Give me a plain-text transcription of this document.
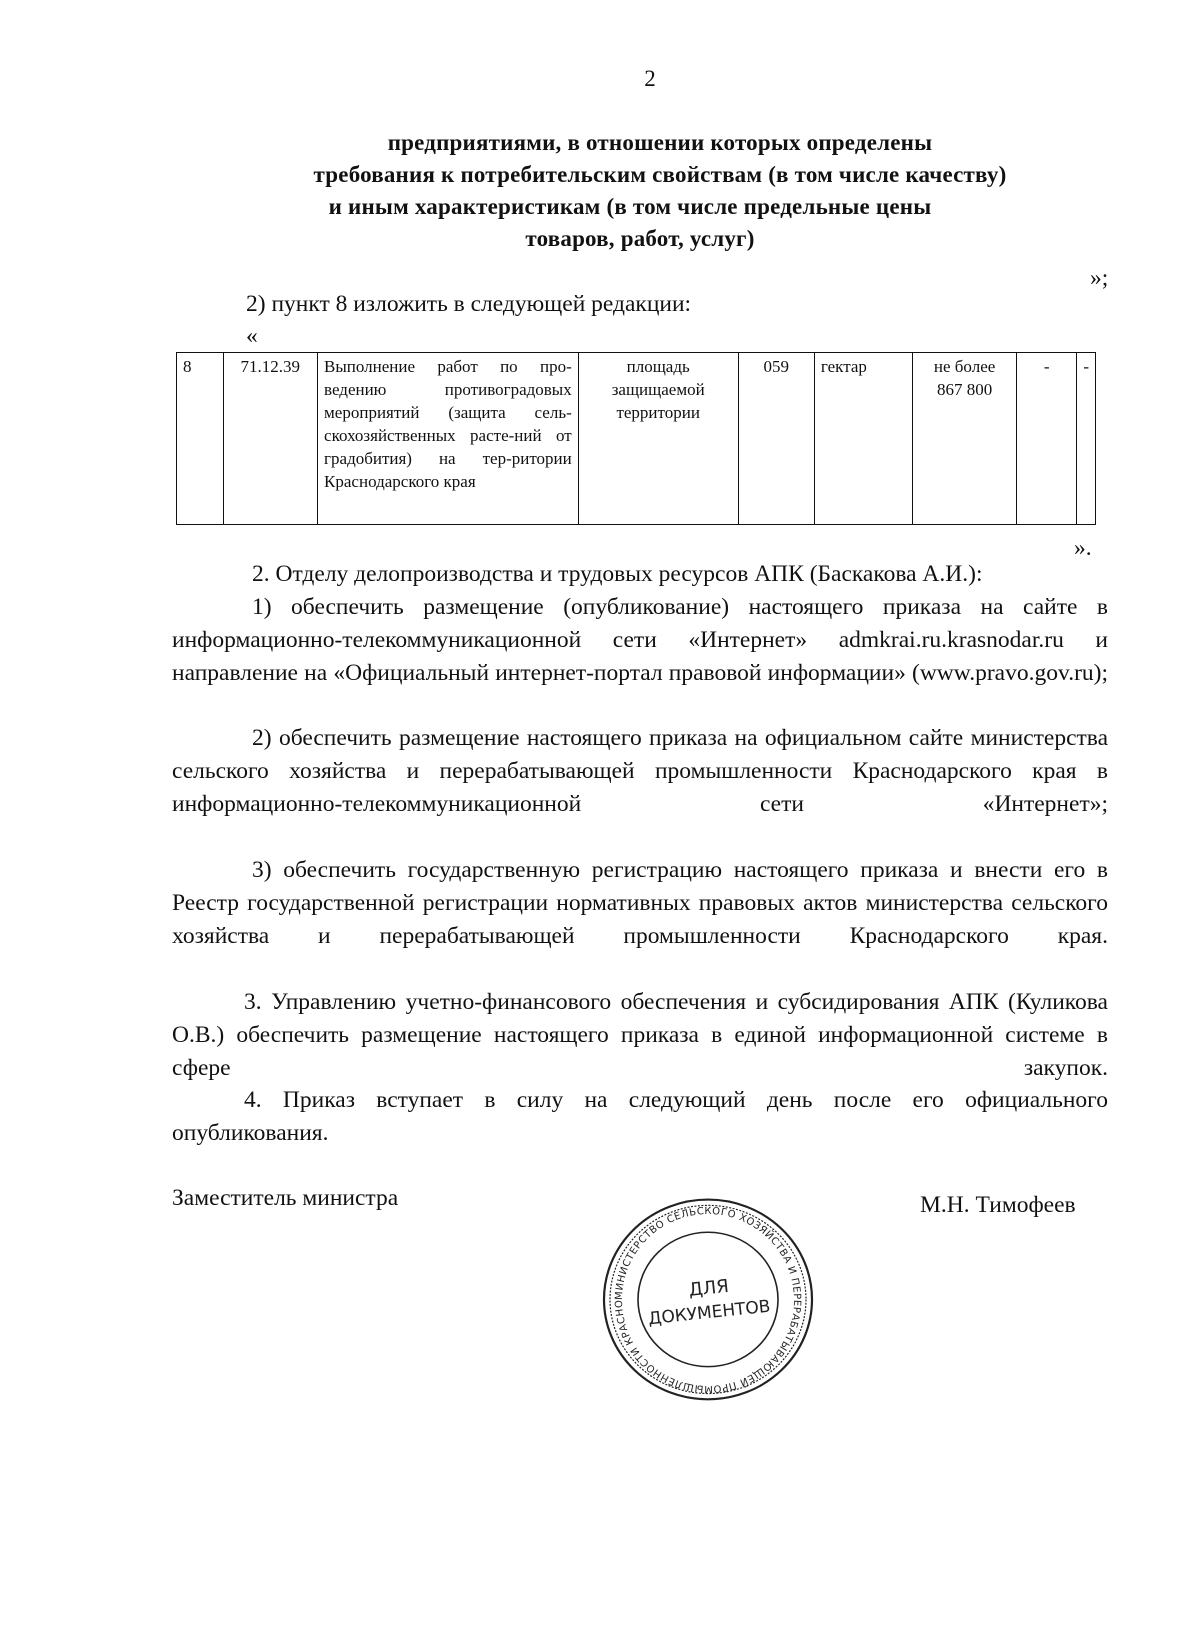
2
предприятиями, в отношении которых определены
требования к потребительским свойствам (в том числе качеству)
и иным характеристикам (в том числе предельные цены
товаров, работ, услуг)
»;
2) пункт 8 изложить в следующей редакции:
«
8	71.12.39	Выполнение работ по про-ведению противоградовых мероприятий (защита сель-скохозяйственных расте-ний от градобития) на тер-ритории Краснодарского края	площадь защищаемой территории	059	гектар	не более 867 800	-	-
».
2. Отделу делопроизводства и трудовых ресурсов АПК (Баскакова А.И.):
1) обеспечить размещение (опубликование) настоящего приказа на сайте в информационно-телекоммуникационной сети «Интернет» admkrai.ru.krasnodar.ru и направление на «Официальный интернет-портал правовой информации» (www.pravo.gov.ru);
2) обеспечить размещение настоящего приказа на официальном сайте министерства сельского хозяйства и перерабатывающей промышленности Краснодарского края в информационно-телекоммуникационной сети «Интернет»;
3) обеспечить государственную регистрацию настоящего приказа и внести его в Реестр государственной регистрации нормативных правовых актов министерства сельского хозяйства и перерабатывающей промышленности Краснодарского края.
3. Управлению учетно-финансового обеспечения и субсидирования АПК (Куликова О.В.) обеспечить размещение настоящего приказа в единой информационной системе в сфере закупок.
4. Приказ вступает в силу на следующий день после его официального опубликования.
Заместитель министра	М.Н. Тимофеев
МИНИСТЕРСТВО СЕЛЬСКОГО ХОЗЯЙСТВА И ПЕРЕРАБАТЫВАЮЩЕЙ ПРОМЫШЛЕННОСТИ КРАСНО
ДЛЯ
ДОКУМЕНТОВ
